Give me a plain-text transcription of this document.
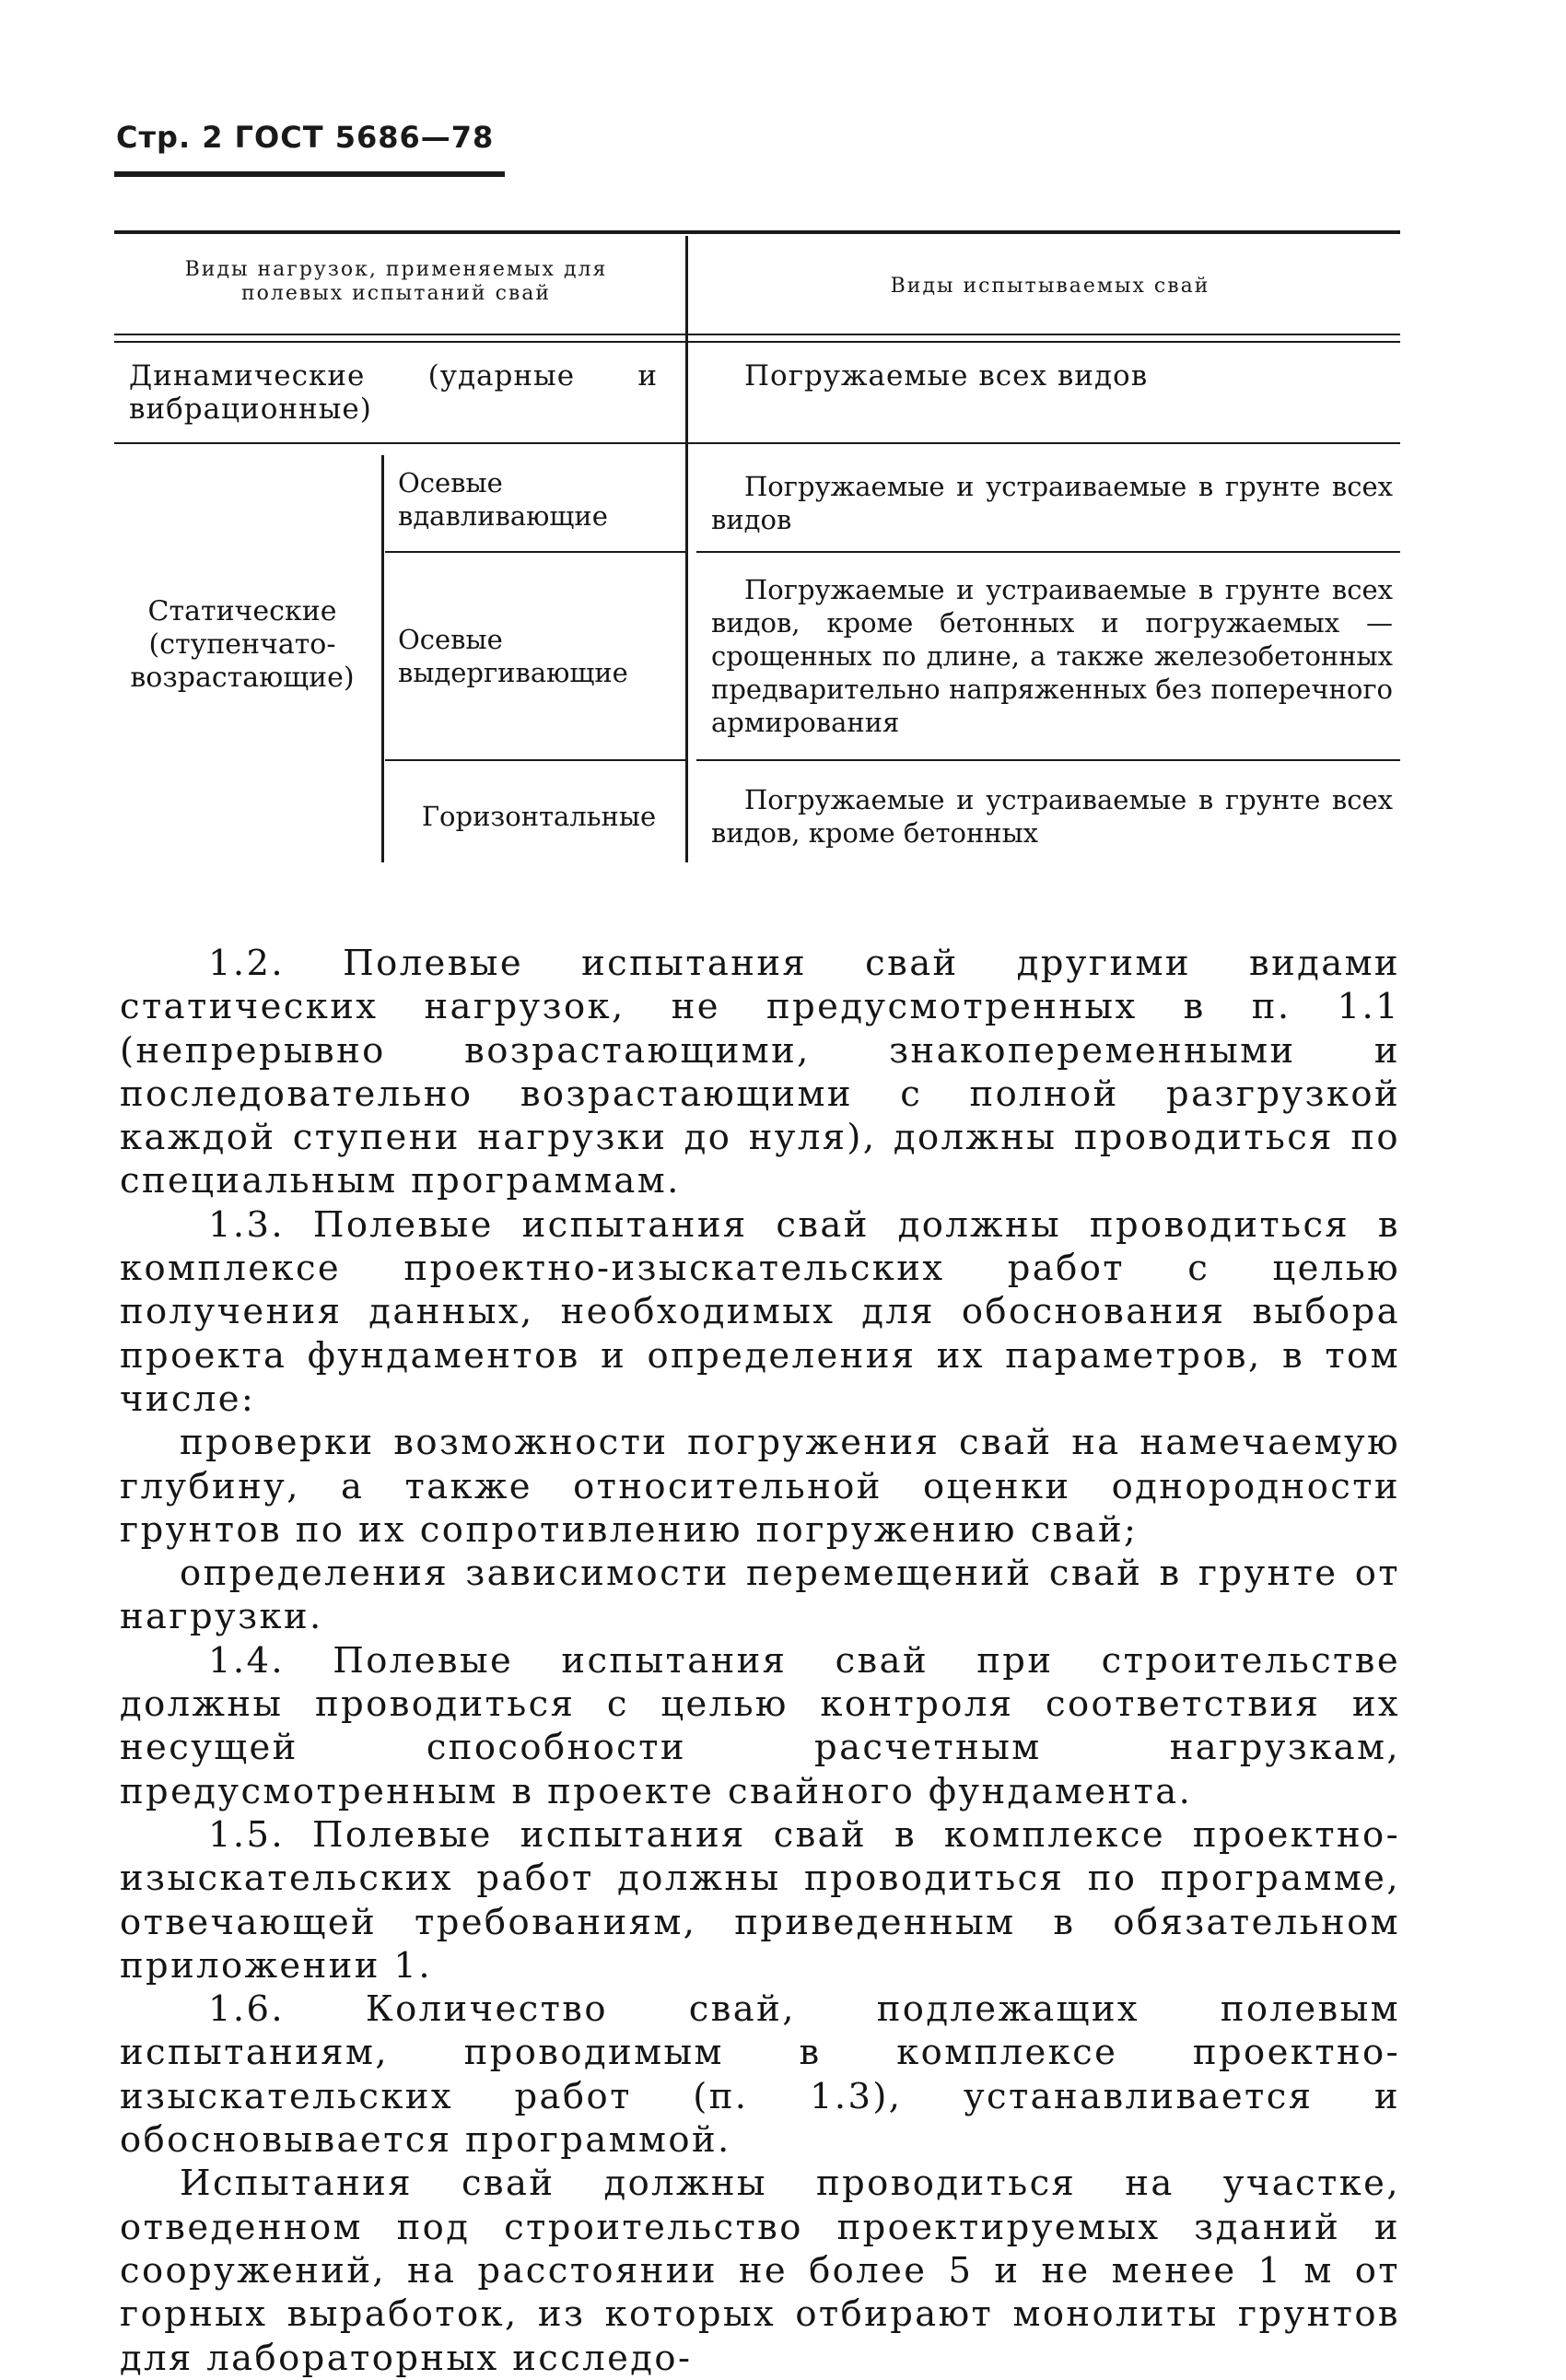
Стр. 2 ГОСТ 5686—78
Виды нагрузок, применяемых для полевых испытаний свай	Виды испытываемых свай
Динамические (ударные и вибрационные)
Погружаемые всех видов
Статические (ступенчато-возрастающие)
Осевые вдавливающие
Погружаемые и устраиваемые в грунте всех видов
Осевые выдергивающие
Погружаемые и устраиваемые в грунте всех видов, кроме бетонных и погружаемых — срощенных по длине, а также железобетонных предварительно напряженных без поперечного армирования
Горизонтальные
Погружаемые и устраиваемые в грунте всех видов, кроме бетонных

1.2. Полевые испытания свай другими видами статических нагрузок, не предусмотренных в п. 1.1 (непрерывно возрастающими, знакопеременными и последовательно возрастающими с полной разгрузкой каждой ступени нагрузки до нуля), должны проводиться по специальным программам.

1.3. Полевые испытания свай должны проводиться в комплексе проектно-изыскательских работ с целью получения данных, необходимых для обоснования выбора проекта фундаментов и определения их параметров, в том числе:

проверки возможности погружения свай на намечаемую глубину, а также относительной оценки однородности грунтов по их сопротивлению погружению свай;

определения зависимости перемещений свай в грунте от нагрузки.

1.4. Полевые испытания свай при строительстве должны проводиться с целью контроля соответствия их несущей способности расчетным нагрузкам, предусмотренным в проекте свайного фундамента.

1.5. Полевые испытания свай в комплексе проектно-изыскательских работ должны проводиться по программе, отвечающей требованиям, приведенным в обязательном приложении 1.

1.6. Количество свай, подлежащих полевым испытаниям, проводимым в комплексе проектно-изыскательских работ (п. 1.3), устанавливается и обосновывается программой.

Испытания свай должны проводиться на участке, отведенном под строительство проектируемых зданий и сооружений, на расстоянии не более 5 и не менее 1 м от горных выработок, из которых отбирают монолиты грунтов для лабораторных исследо-
